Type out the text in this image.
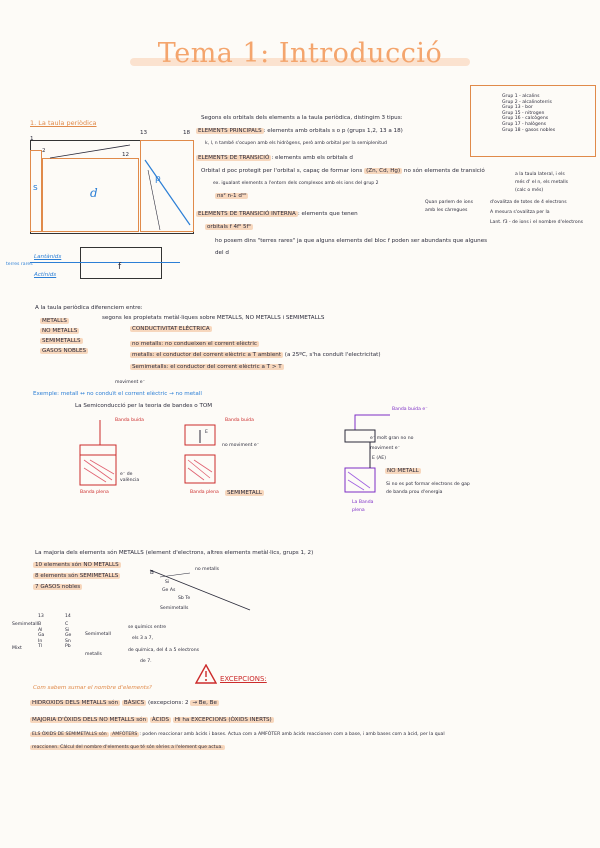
Tema 1: Introducció
1. La taula periòdica
1
2
12
13	18
s	d
p
Lantànids
Actínids
terres rares	f
Segons els orbitals dels elements a la taula periòdica, distingim 3 tipus:
ELEMENTS PRINCIPALS : elements amb orbitals s o p (grups 1,2, 13 a 18)
k, l, n també s'ocupen amb els hidrògens, però amb orbital per la semiplenitud
ELEMENTS DE TRANSICIÓ : elements amb els orbitals d
Orbital d poc protegit per l'orbital s, capaç de formar ions (Zn, Cd, Hg) no són elements de transició
ex. igualant elements a l'entorn dels complexos amb els ions del grup 2
ns² n-1 d¹⁰
ELEMENTS DE TRANSICIÓ INTERNA : elements que tenen
orbitals f 4f⁰ 5f⁰
ho posem dins "terres rares" ja que alguns elements del bloc f poden ser abundants que algunes
del d
Grup 1 - alcalins
Grup 2 - alcalinoterris
Grup 13 - bor
Grup 15 - nitrogen
Grup 16 - calcògens
Grup 17 - halògens
Grup 18 - gasos nobles
a la taula lateral, i els
més d' el n, els metalls
(calc o més)
Quan parlem de ions
amb les càrregues
d'ovalitza de totes de 4 electrons
A mesura s'ovalitza per la
Lant. f3 - de ions i el nombre d'electrons
A la taula periòdica diferenciem entre:
METALLS
NO METALLS
SEMIMETALLS
GASOS NOBLES
segons les propietats metàl·liques sobre METALLS, NO METALLS i SEMIMETALLS
CONDUCTIVITAT ELÈCTRICA
no metalls: no condueixen el corrent elèctric
metalls: el conductor del corrent elèctric a T ambient (a 25ºC, s'ha conduït l'electricitat)
Semimetalls: el conductor del corrent elèctric a T > T
moviment e⁻
Exemple: metall ↔ no conduït el corrent elèctric → no metall
La Semiconducció per la teoria de bandes o TOM
Banda buida
Banda plena
e⁻ de
valència
Banda buida
Banda plena
no moviment e⁻
E
SEMIMETALL
Banda buida e⁻
e⁻ molt gran no no
moviment e⁻
E (AE)
NO METALL
Si no es pot formar electrons de gap
de banda prou d'energia
La Banda
plena
La majoria dels elements són METALLS (element d'electrons, altres elements metàl·lics, grups 1, 2)
10 elements són NO METALLS
8 elements són SEMIMETALLS
7 GASOS nobles
no metalls
B
Si
Ge As
Sb Te
Semimetalls
Semimetall
Mixt
13
B
Al
Ga
In
Tl
14
C
Si
Ge
Sn
Pb
Semimetall
metalls
se químics entre
els 3 a 7,
de química, del 4 a 5 electrons
de 7.
Com sabem sumar el nombre d'elements?
EXCEPCIONS:
HIDROXIDS DELS METALLS són BÀSICS (excepcions: 2 → Be, Be
MAJORIA D'ÒXIDS DELS NO METALLS són ÀCIDS Hi ha EXCEPCIONS (ÒXIDS INERTS)
ELS ÒXIDS DE SEMIMETALLS són AMFÒTERS : poden reaccionar amb àcids i bases. Actua com a AMFÒTER amb àcids reaccionen com a base, i amb bases com a àcid, per la qual
reaccionen. Càlcul del nombre d'elements que té són sèries a l'element que actua.
